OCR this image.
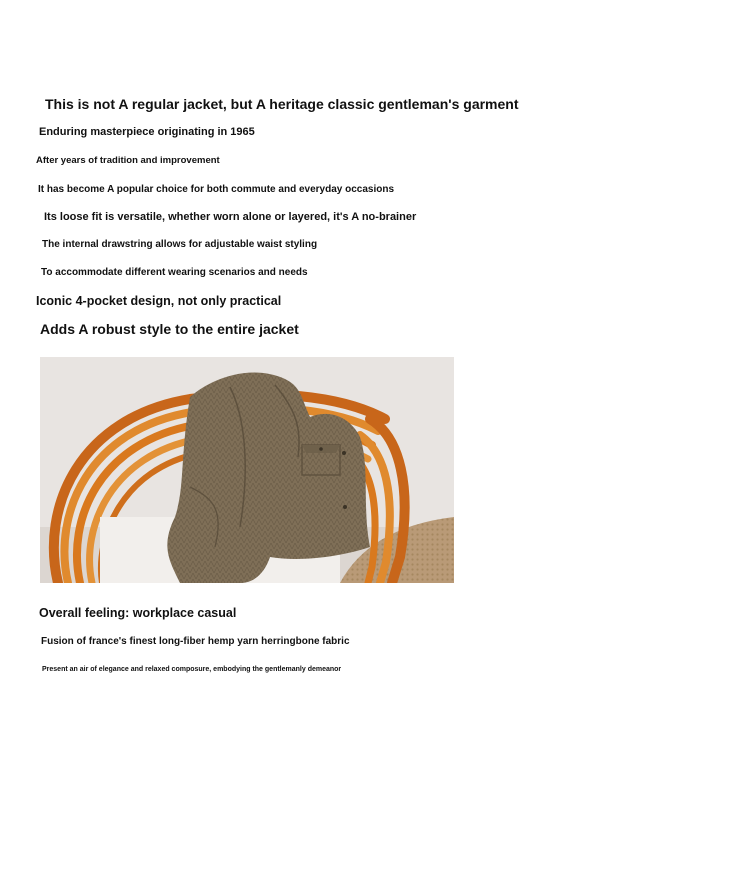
This is not A regular jacket, but A heritage classic gentleman's garment
Enduring masterpiece originating in 1965
After years of tradition and improvement
It has become A popular choice for both commute and everyday occasions
Its loose fit is versatile, whether worn alone or layered, it's A no-brainer
The internal drawstring allows for adjustable waist styling
To accommodate different wearing scenarios and needs
Iconic 4-pocket design, not only practical
Adds A robust style to the entire jacket
Overall feeling: workplace casual
Fusion of france's finest long-fiber hemp yarn herringbone fabric
Present an air of elegance and relaxed composure, embodying the gentlemanly demeanor
